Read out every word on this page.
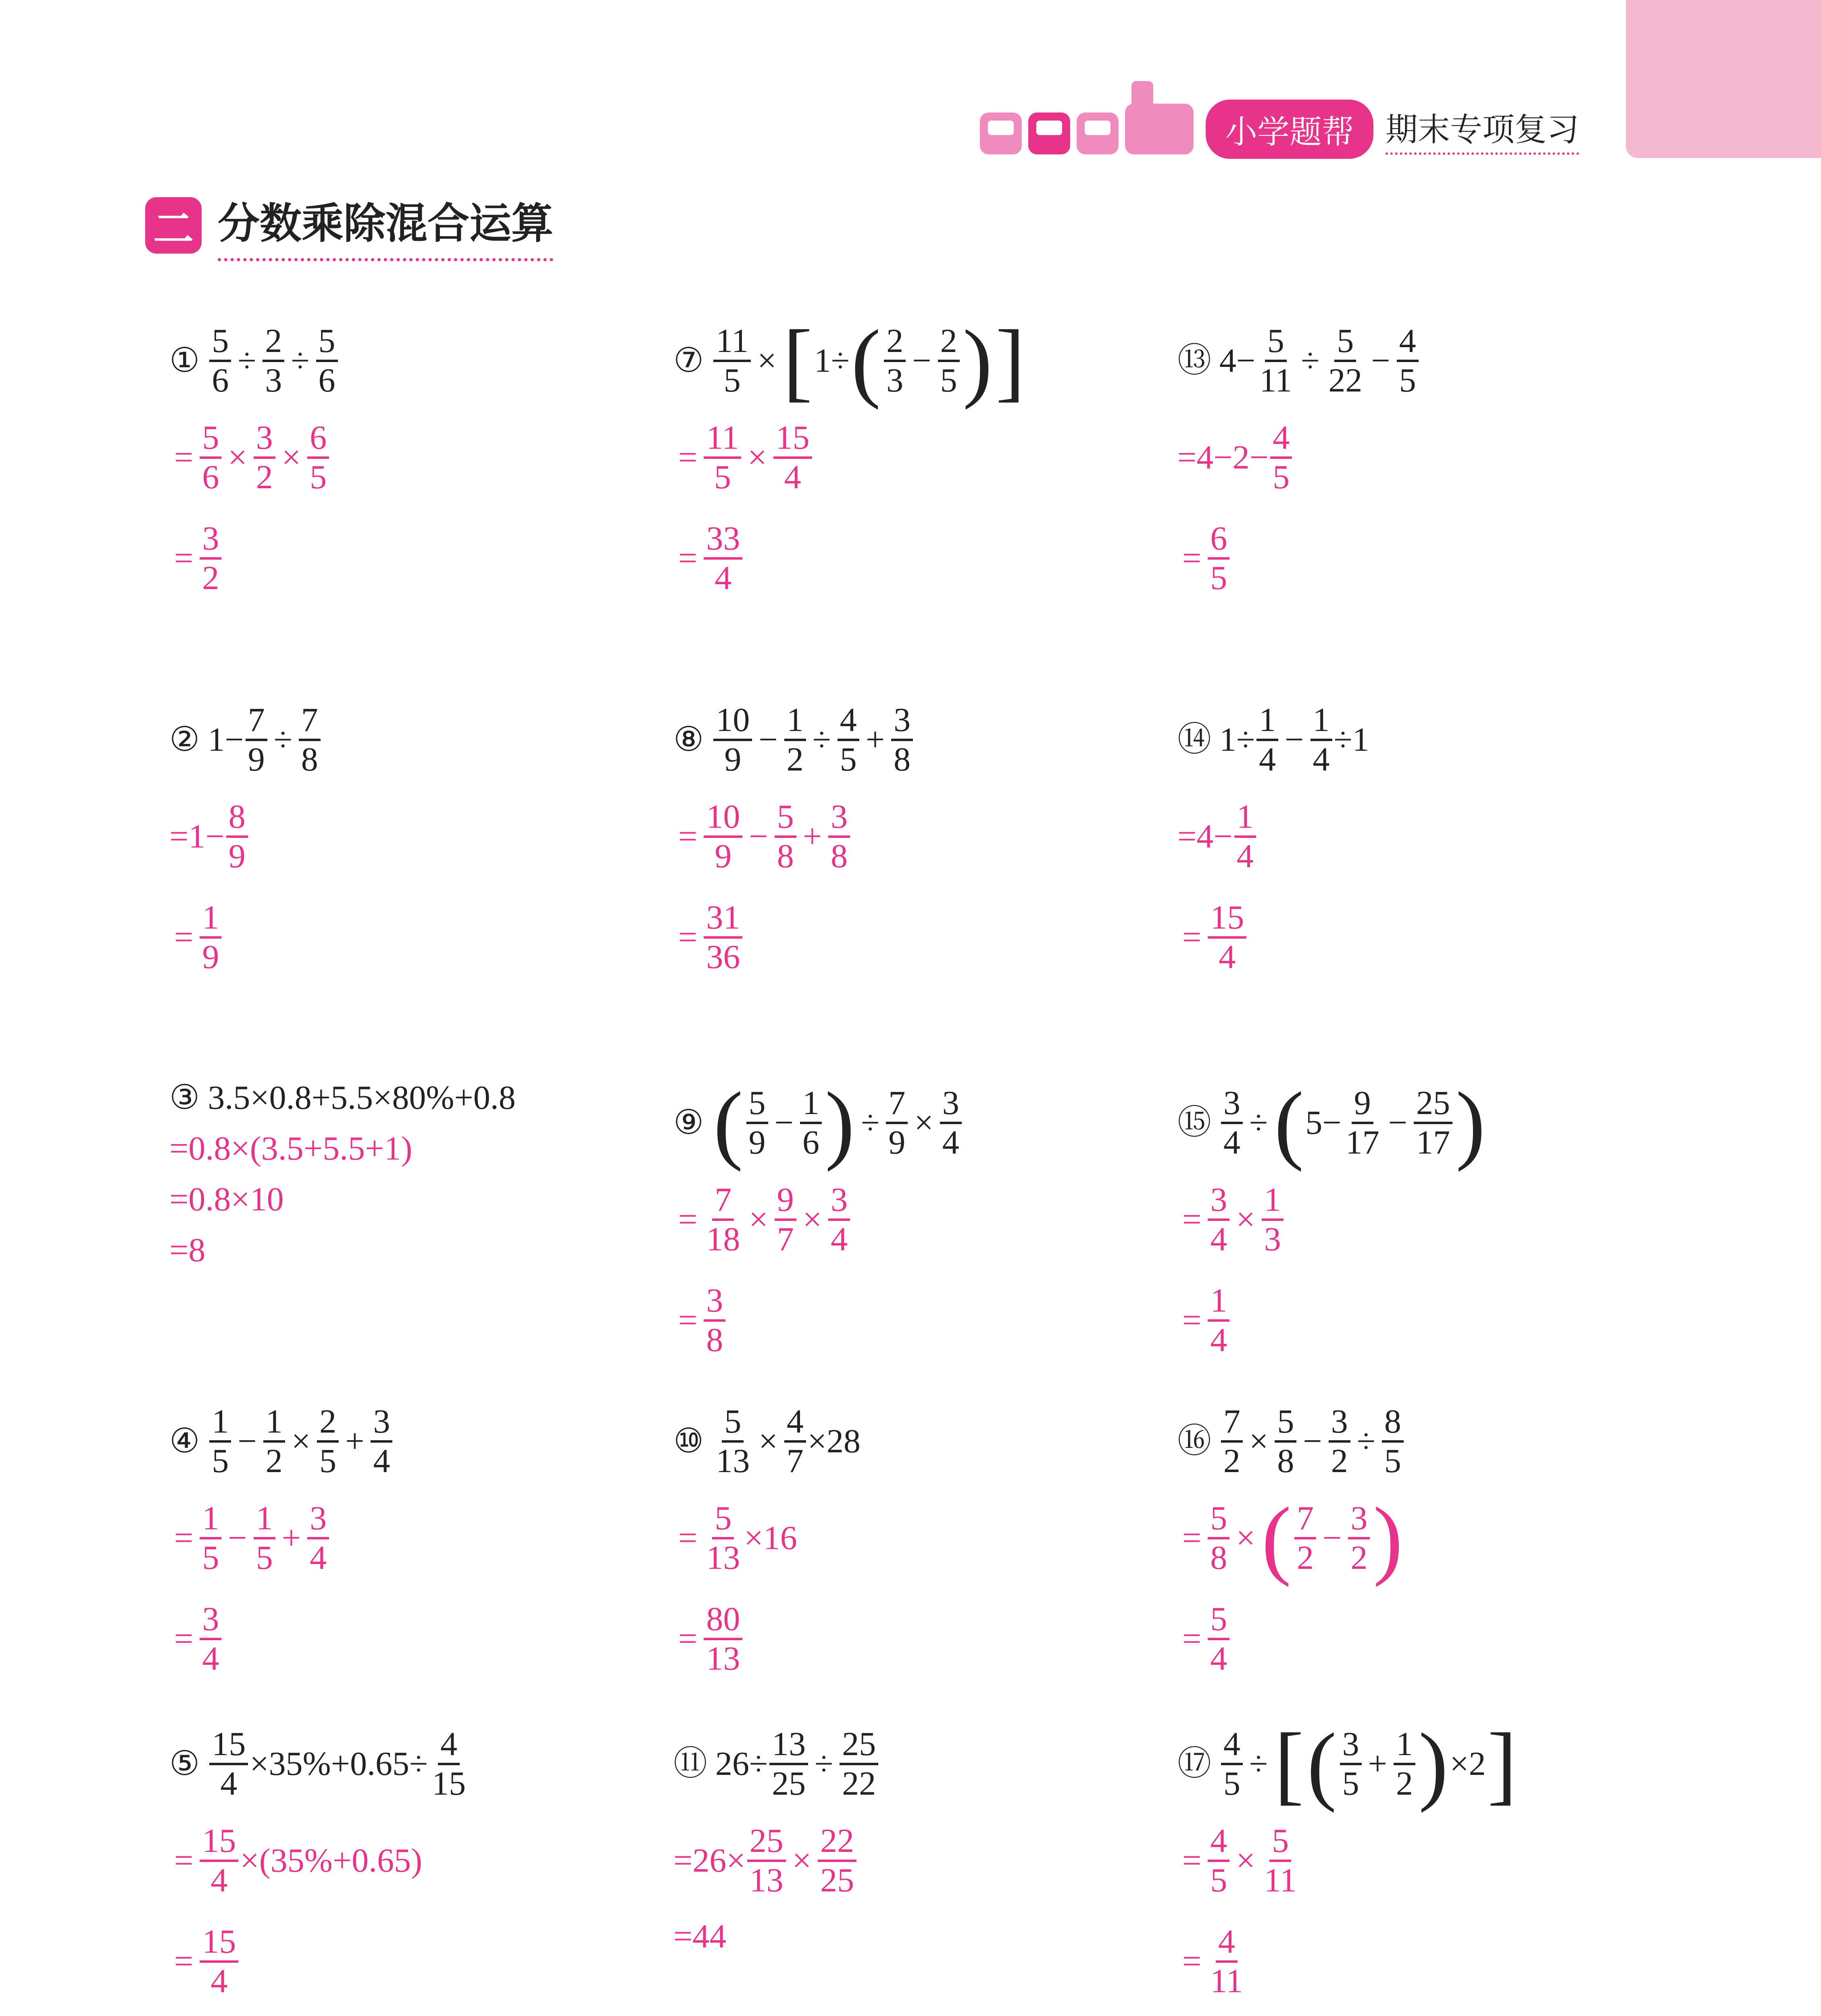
小学题帮 期末专项复习
二 分数乘除混合运算
① $\frac{5}{6} \div \frac{2}{3} \div \frac{5}{6}$
= $\frac{5}{6} \times \frac{3}{2} \times \frac{6}{5}$
= $\frac{3}{2}$
② $1- \frac{7}{9} \div \frac{7}{8}$
$=1- \frac{8}{9}$
= $\frac{1}{9}$
③ 3.5×0.8+5.5×80%+0.8
=0.8×(3.5+5.5+1)
=0.8×10
=8
④
1
5
− $\frac{1}{2} \times \frac{2}{5} + \frac{3}{4}$
= $\frac{1}{5} - \frac{1}{5} + \frac{3}{4}$
= $\frac{3}{4}$
⑤ $\frac{15}{4} \times 35\%+0.65\div \frac{4}{15}$
= $\frac{15}{4} \times(35\%+0.65)$
= $\frac{15}{4}$
⑦ $\frac{11}{5}$ × [ 1÷ ( 2
3
− $\frac{2}{5}$ ) ]
= $\frac{11}{5} \times \frac{15}{4}$
= $\frac{33}{4}$
⑧
10
9
− $\frac{1}{2} \div \frac{4}{5} + \frac{3}{8}$
= $\frac{10}{9} - \frac{5}{8} + \frac{3}{8}$
= $\frac{31}{36}$
⑨ ( 5
9
− $\frac{1}{6}$ ) ÷ $\frac{7}{9} \times \frac{3}{4}$
= $\frac{7}{18} \times \frac{9}{7} \times \frac{3}{4}$
= $\frac{3}{8}$
⑩ $\frac{5}{13} \times \frac{4}{7} \times 28$
= $\frac{5}{13} \times 16$
= $\frac{80}{13}$
⑪ $26\div \frac{13}{25} \div \frac{25}{22}$
$=26\times \frac{25}{13} \times \frac{22}{25}$
=44
⑬ $4- \frac{5}{11} \div \frac{5}{22} - \frac{4}{5}$
$=4-2- \frac{4}{5}$
= $\frac{6}{5}$
⑭ $1\div \frac{1}{4} - \frac{1}{4} \div 1$
$=4- \frac{1}{4}$
= $\frac{15}{4}$
⑮ $\frac{3}{4}$ ÷ ( $5- \frac{9}{17} - \frac{25}{17}$ )
= $\frac{3}{4} \times \frac{1}{3}$
= $\frac{1}{4}$
⑯ $\frac{7}{2} \times \frac{5}{8} - \frac{3}{2} \div \frac{8}{5}$
= $\frac{5}{8}$ × ( 7
2
− $\frac{3}{2}$ )
= $\frac{5}{4}$
⑰ $\frac{4}{5}$ ÷ [ ( 3
5
+ $\frac{1}{2}$ ) ×2 ]
= $\frac{4}{5} \times \frac{5}{11}$
= $\frac{4}{11}$
